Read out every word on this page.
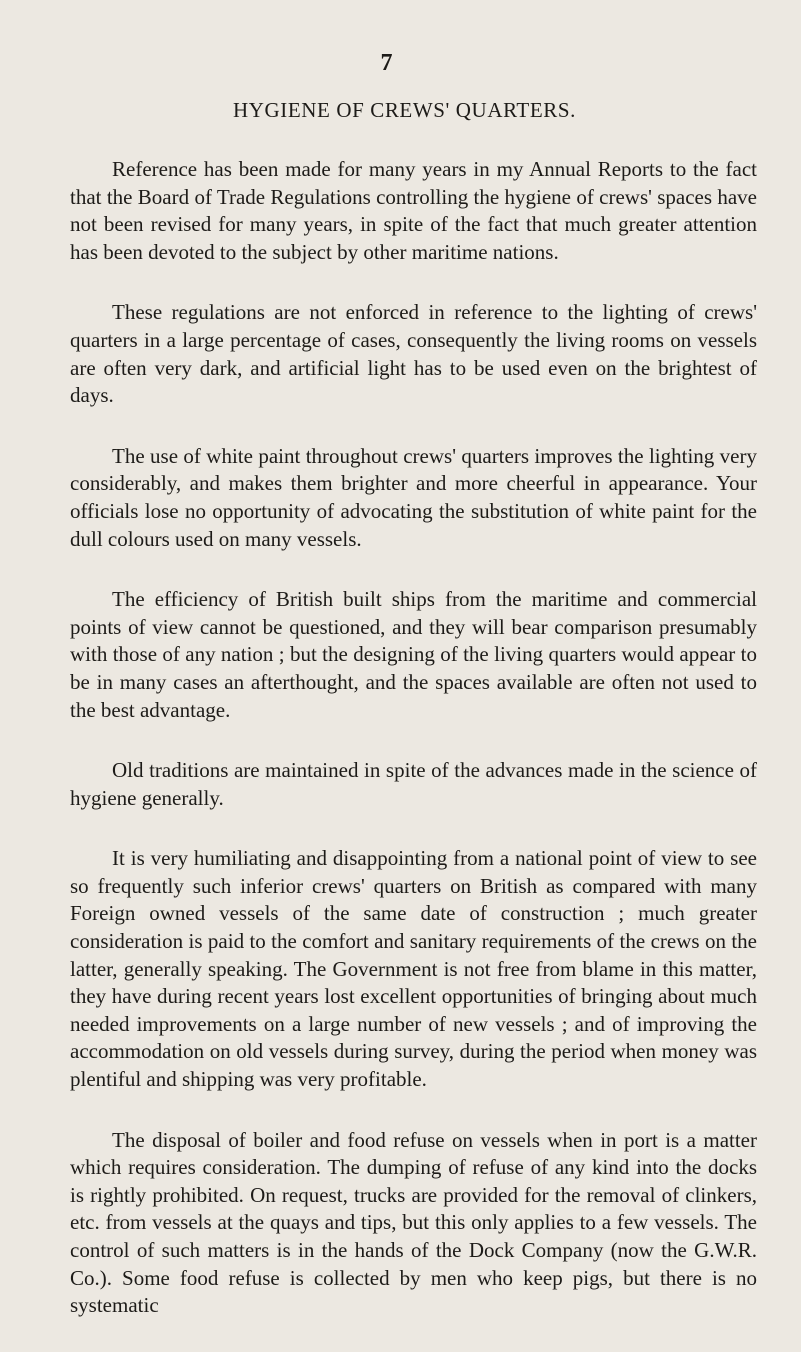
7
HYGIENE OF CREWS' QUARTERS.

Reference has been made for many years in my Annual Reports to the fact that the Board of Trade Regulations controlling the hygiene of crews' spaces have not been revised for many years, in spite of the fact that much greater attention has been devoted to the subject by other maritime nations.

These regulations are not enforced in reference to the lighting of crews' quarters in a large percentage of cases, consequently the living rooms on vessels are often very dark, and artificial light has to be used even on the brightest of days.

The use of white paint throughout crews' quarters improves the lighting very considerably, and makes them brighter and more cheerful in appearance. Your officials lose no opportunity of advocating the substitution of white paint for the dull colours used on many vessels.

The efficiency of British built ships from the maritime and commercial points of view cannot be questioned, and they will bear comparison presumably with those of any nation ; but the designing of the living quarters would appear to be in many cases an afterthought, and the spaces available are often not used to the best advantage.

Old traditions are maintained in spite of the advances made in the science of hygiene generally.

It is very humiliating and disappointing from a national point of view to see so frequently such inferior crews' quarters on British as compared with many Foreign owned vessels of the same date of construction ; much greater consideration is paid to the comfort and sanitary requirements of the crews on the latter, generally speaking. The Government is not free from blame in this matter, they have during recent years lost excellent opportunities of bringing about much needed improvements on a large number of new vessels ; and of improving the accommodation on old vessels during survey, during the period when money was plentiful and shipping was very profitable.

The disposal of boiler and food refuse on vessels when in port is a matter which requires consideration. The dumping of refuse of any kind into the docks is rightly prohibited. On request, trucks are provided for the removal of clinkers, etc. from vessels at the quays and tips, but this only applies to a few vessels. The control of such matters is in the hands of the Dock Company (now the G.W.R. Co.). Some food refuse is collected by men who keep pigs, but there is no systematic
